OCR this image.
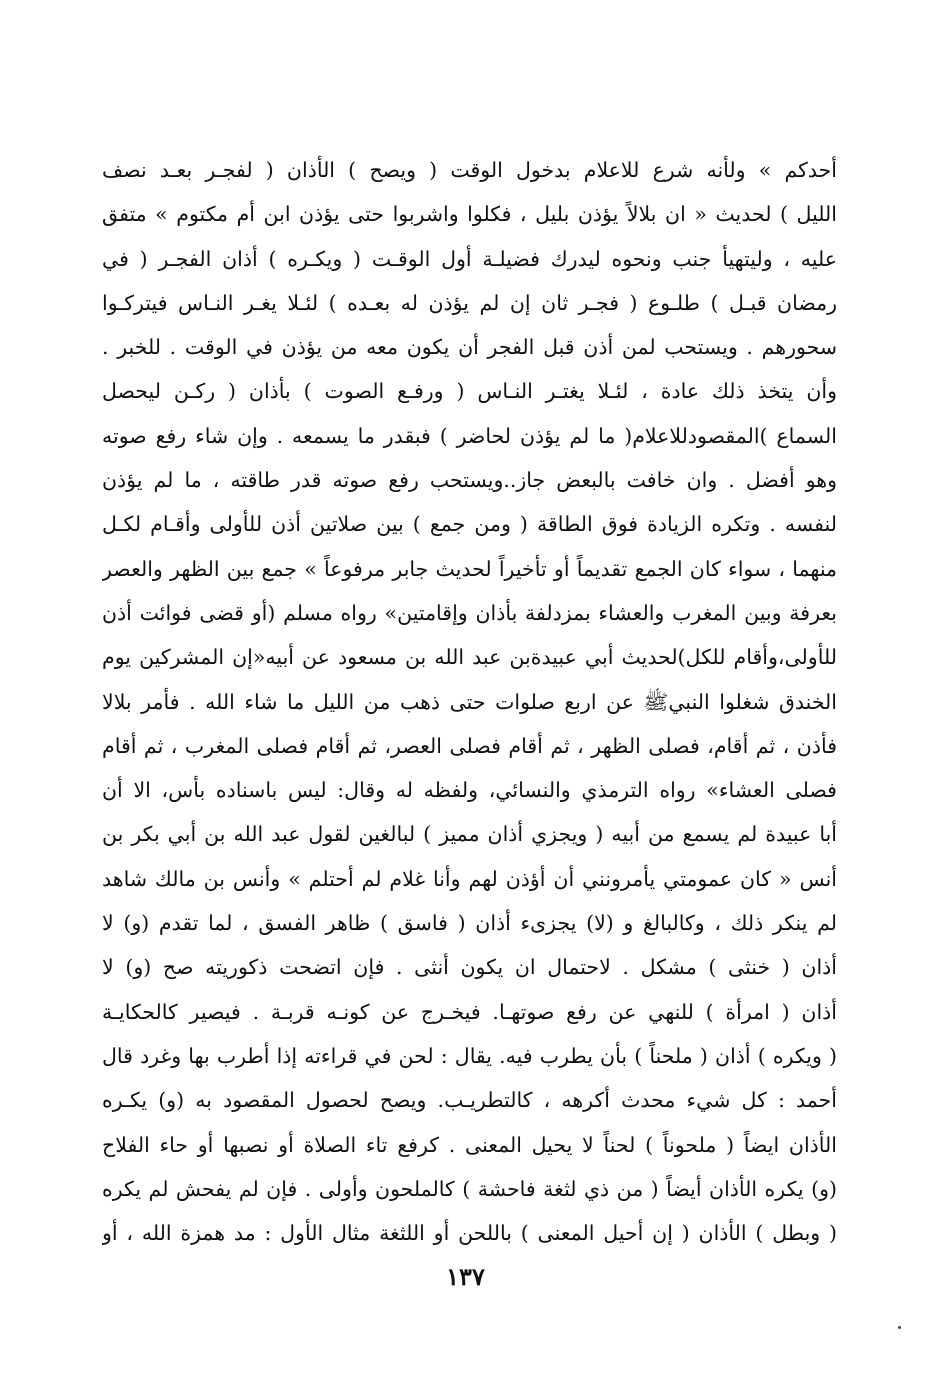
أحدكم » ولأنه شرع للاعلام بدخول الوقت ( ويصح ) الأذان ( لفجـر بعـد نصف
الليل ) لحديث « ان بلالاً يؤذن بليل ، فكلوا واشربوا حتى يؤذن ابن أم مكتوم » متفق
عليه ، وليتهيأ جنب ونحوه ليدرك فضيلـة أول الوقـت ( ويكـره ) أذان الفجـر ( في
رمضان قبـل ) طلـوع ( فجـر ثان إن لم يؤذن له بعـده ) لئـلا يغـر النـاس فيتركـوا
سحورهم . ويستحب لمن أذن قبل الفجر أن يكون معه من يؤذن في الوقت . للخبر .
وأن يتخذ ذلك عادة ، لئـلا يغتـر النـاس ( ورفـع الصوت ) بأذان ( ركـن ليحصل
السماع )المقصودللاعلام( ما لم يؤذن لحاضر ) فبقدر ما يسمعه . وإن شاء رفع صوته
وهو أفضل . وان خافت بالبعض جاز..ويستحب رفع صوته قدر طاقته ، ما لم يؤذن
لنفسه . وتكره الزيادة فوق الطاقة ( ومن جمع ) بين صلاتين أذن للأولى وأقـام لكـل
منهما ، سواء كان الجمع تقديماً أو تأخيراً لحديث جابر مرفوعاً » جمع بين الظهر والعصر
بعرفة وبين المغرب والعشاء بمزدلفة بأذان وإقامتين» رواه مسلم (أو قضى فوائت أذن
للأولى،وأقام للكل)لحديث أبي عبيدةبن عبد الله بن مسعود عن أبيه«إن المشركين يوم
الخندق شغلوا النبيﷺ عن اربع صلوات حتى ذهب من الليل ما شاء الله . فأمر بلالا
فأذن ، ثم أقام، فصلى الظهر ، ثم أقام فصلى العصر، ثم أقام فصلى المغرب ، ثم أقام
فصلى العشاء» رواه الترمذي والنسائي، ولفظه له وقال: ليس باسناده بأس، الا أن
أبا عبيدة لم يسمع من أبيه ( ويجزي أذان مميز ) لبالغين لقول عبد الله بن أبي بكر بن
أنس « كان عمومتي يأمرونني أن أؤذن لهم وأنا غلام لم أحتلم » وأنس بن مالك شاهد
لم ينكر ذلك ، وكالبالغ و (لا) يجزىء أذان ( فاسق ) ظاهر الفسق ، لما تقدم (و) لا
أذان ( خنثى ) مشكل . لاحتمال ان يكون أنثى . فإن اتضحت ذكوريته صح (و) لا
أذان ( امرأة ) للنهي عن رفع صوتهـا. فيخـرج عن كونـه قربـة . فيصير كالحكايـة
( ويكره ) أذان ( ملحناً ) بأن يطرب فيه. يقال : لحن في قراءته إذا أطرب بها وغرد قال
أحمد : كل شيء محدث أكرهه ، كالتطريـب. ويصح لحصول المقصود به (و) يكـره
الأذان ايضاً ( ملحوناً ) لحناً لا يحيل المعنى . كرفع تاء الصلاة أو نصبها أو حاء الفلاح
(و) يكره الأذان أيضاً ( من ذي لثغة فاحشة ) كالملحون وأولى . فإن لم يفحش لم يكره
( وبطل ) الأذان ( إن أحيل المعنى ) باللحن أو اللثغة مثال الأول : مد همزة الله ، أو
١٣٧
